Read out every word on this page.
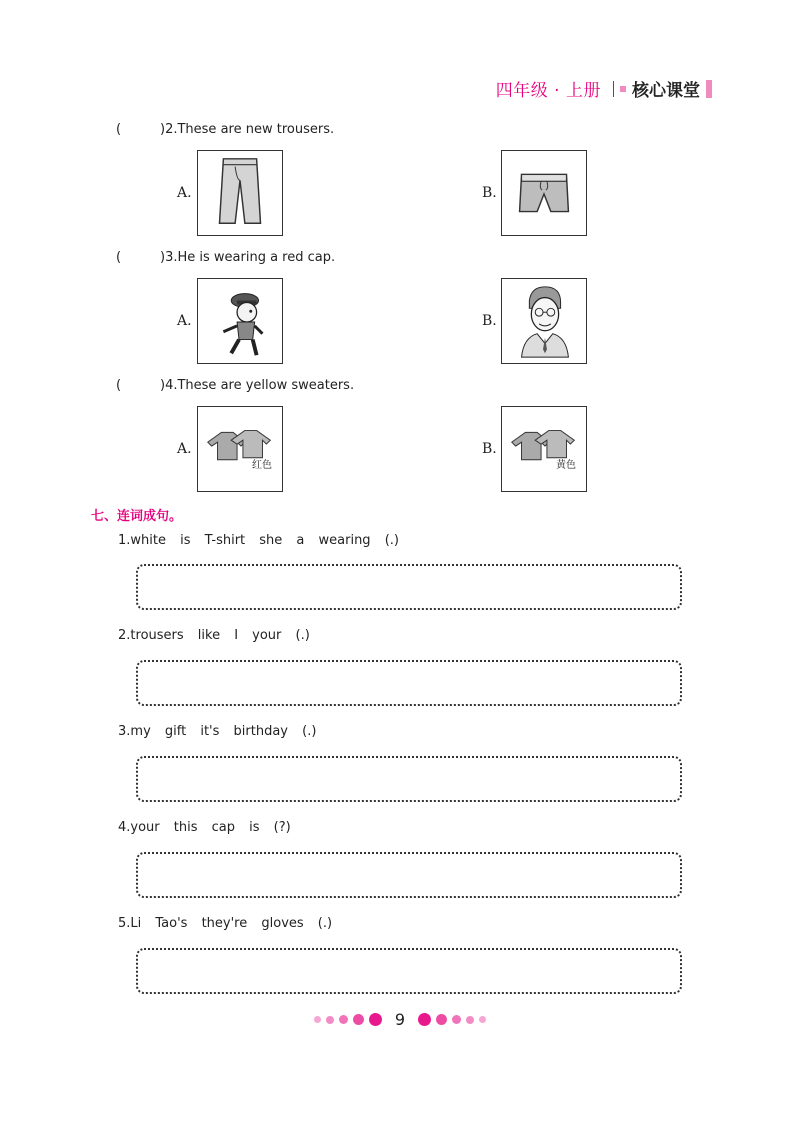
四年级 · 上册 核心课堂
(	)2. These are new trousers.
A.	B.
(	)3. He is wearing a red cap.
A.	B.
(	)4. These are yellow sweaters.
A.
红色
B.
黄色
七、连词成句。
1.white is T-shirt she a wearing (.)
2.trousers like I your (.)
3.my gift it's birthday (.)
4.your this cap is (?)
5.Li Tao's they're gloves (.)
9
